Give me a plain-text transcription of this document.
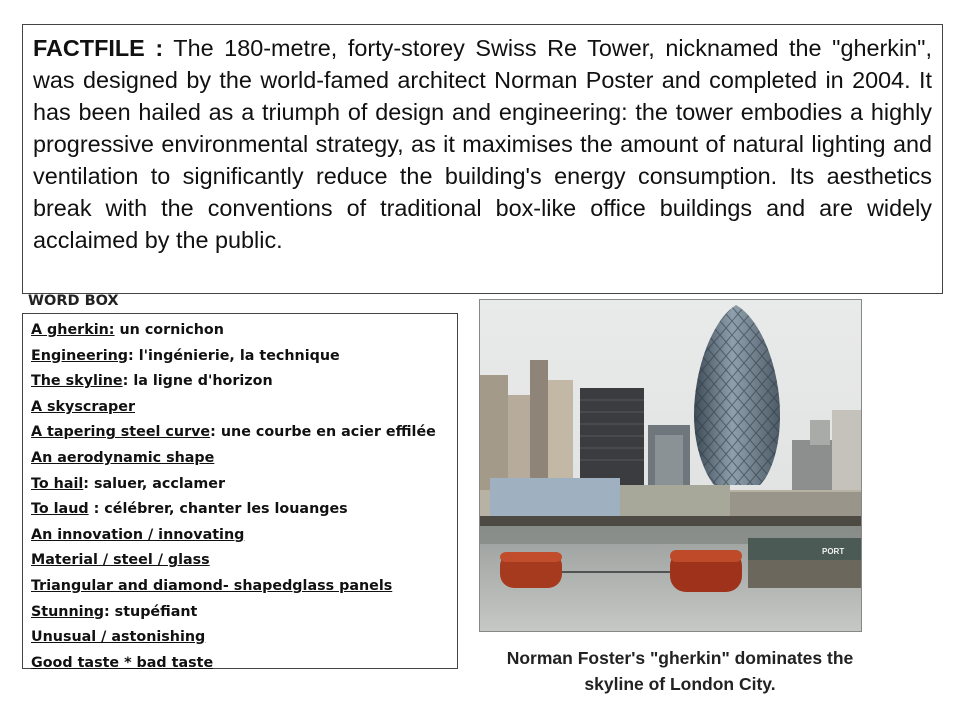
FACTFILE : The 180-metre, forty-storey Swiss Re Tower, nicknamed the "gherkin", was designed by the world-famed architect Norman Poster and completed in 2004. It has been hailed as a triumph of design and engineering: the tower embodies a highly progressive environmental strategy, as it maximises the amount of natural lighting and ventilation to significantly reduce the building's energy consumption. Its aesthetics break with the conventions of traditional box-like office buildings and are widely acclaimed by the public.
WORD BOX
A gherkin: un cornichon
Engineering: l'ingénierie, la technique
The skyline: la ligne d'horizon
A skyscraper
A tapering steel curve: une courbe en acier effilée
An aerodynamic shape
To hail: saluer, acclamer
To laud : célébrer, chanter les louanges
An innovation / innovating
Material / steel / glass
Triangular and diamond- shapedglass panels
Stunning: stupéfiant
Unusual / astonishing
Good taste * bad taste
PORT
Norman Foster's "gherkin" dominates the
skyline of London City.
